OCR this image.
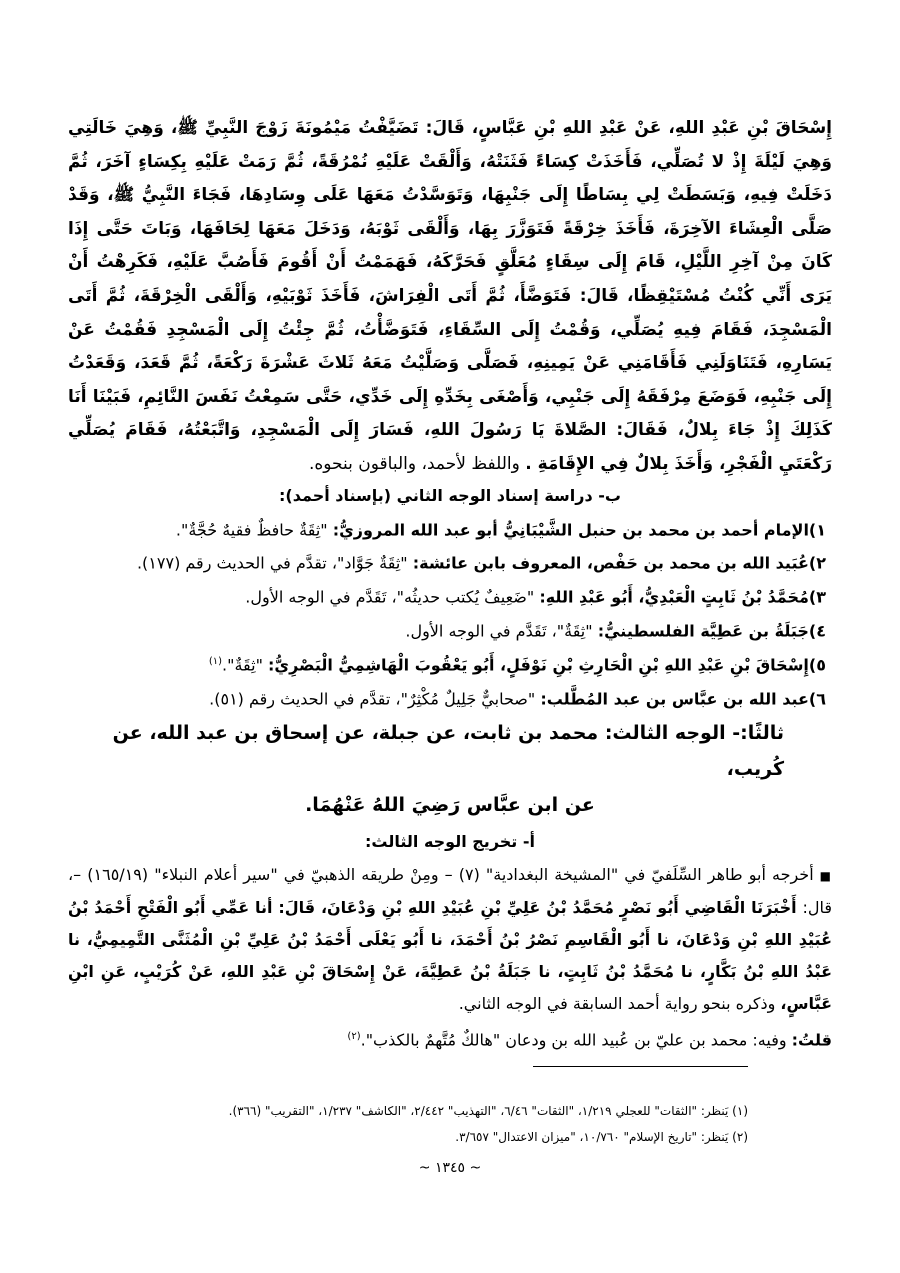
إِسْحَاقَ بْنِ عَبْدِ اللهِ، عَنْ عَبْدِ اللهِ بْنِ عَبَّاسٍ، قَالَ: تَضَيَّفْتُ مَيْمُونَةَ زَوْجَ النَّبِيِّ ﷺ، وَهِيَ خَالَتِي وَهِيَ لَيْلَةَ إِذْ لا تُصَلِّي، فَأَخَذَتْ كِسَاءً فَثَنَتْهُ، وَأَلْقَتْ عَلَيْهِ نُمْرُقَةً، ثُمَّ رَمَتْ عَلَيْهِ بِكِسَاءٍ آخَرَ، ثُمَّ دَخَلَتْ فِيهِ، وَبَسَطَتْ لِي بِسَاطًا إِلَى جَنْبِهَا، وَتَوَسَّدْتُ مَعَهَا عَلَى وِسَادِهَا، فَجَاءَ النَّبِيُّ ﷺ، وَقَدْ صَلَّى الْعِشَاءَ الآخِرَةَ، فَأَخَذَ خِرْقَةً فَتَوَزَّرَ بِهَا، وَأَلْقَى ثَوْبَهُ، وَدَخَلَ مَعَهَا لِحَافَهَا، وَبَاتَ حَتَّى إِذَا كَانَ مِنْ آخِرِ اللَّيْلِ، قَامَ إِلَى سِقَاءٍ مُعَلَّقٍ فَحَرَّكَهُ، فَهَمَمْتُ أَنْ أَقُومَ فَأَصُبَّ عَلَيْهِ، فَكَرِهْتُ أَنْ يَرَى أَنِّي كُنْتُ مُسْتَيْقِظًا، قَالَ: فَتَوَضَّأَ، ثُمَّ أَتَى الْفِرَاشَ، فَأَخَذَ ثَوْبَيْهِ، وَأَلْقَى الْخِرْقَةَ، ثُمَّ أَتَى الْمَسْجِدَ، فَقَامَ فِيهِ يُصَلِّي، وَقُمْتُ إِلَى السِّقَاءِ، فَتَوَضَّأْتُ، ثُمَّ جِئْتُ إِلَى الْمَسْجِدِ فَقُمْتُ عَنْ يَسَارِهِ، فَتَنَاوَلَنِي فَأَقَامَنِي عَنْ يَمِينِهِ، فَصَلَّى وَصَلَّيْتُ مَعَهُ ثَلاثَ عَشْرَةَ رَكْعَةً، ثُمَّ قَعَدَ، وَقَعَدْتُ إِلَى جَنْبِهِ، فَوَضَعَ مِرْفَقَهُ إِلَى جَنْبِي، وَأَصْغَى بِخَدِّهِ إِلَى خَدِّي، حَتَّى سَمِعْتُ نَفَسَ النَّائِمِ، فَبَيْنَا أَنَا كَذَلِكَ إِذْ جَاءَ بِلالٌ، فَقَالَ: الصَّلاةَ يَا رَسُولَ اللهِ، فَسَارَ إِلَى الْمَسْجِدِ، وَاتَّبَعْتُهُ، فَقَامَ يُصَلِّي رَكْعَتَيِ الْفَجْرِ، وَأَخَذَ بِلالٌ فِي الإِقَامَةِ . واللفظ لأحمد، والباقون بنحوه.

ب- دراسة إسناد الوجه الثاني (بإسناد أحمد):

١)الإمام أحمد بن محمد بن حنبل الشَّيْبَانِيُّ أبو عبد الله المروزيُّ: "ثِقَةٌ حافظٌ فقيهٌ حُجَّةٌ".
٢)عُبَيد الله بن محمد بن حَفْص، المعروف بابن عائشة: "ثِقَةٌ جَوَّاد"، تقدَّم في الحديث رقم (١٧٧).
٣)مُحَمَّدُ بْنُ ثَابِتٍ الْعَبْدِيُّ، أَبُو عَبْدِ اللهِ: "ضَعِيفٌ يُكتب حديثُه"، تَقَدَّم في الوجه الأول.
٤)جَبَلَةُ بن عَطِيَّة الفلسطينيُّ: "ثِقَةٌ"، تَقَدَّم في الوجه الأول.
٥)إِسْحَاقَ بْنِ عَبْدِ اللهِ بْنِ الْحَارِثِ بْنِ نَوْفَلٍ، أَبُو يَعْقُوبَ الْهَاشِمِيُّ الْبَصْرِيُّ: "ثِقَةٌ".$^{(١)}$
٦)عبد الله بن عبَّاس بن عبد المُطَّلب: "صحابيٌّ جَلِيلٌ مُكْثِرٌ"، تقدَّم في الحديث رقم (٥١).

ثالثًا:- الوجه الثالث: محمد بن ثابت، عن جبلة، عن إسحاق بن عبد الله، عن كُريب،

عن ابن عبَّاس رَضِيَ اللهُ عَنْهُمَا.

أ- تخريج الوجه الثالث:

■أخرجه أبو طاهر السِّلَفيّ في "المشيخة البغدادية" (٧) – ومِنْ طريقه الذهبيّ في "سير أعلام النبلاء" (١٦٥/١٩) –، قال: أَخْبَرَنَا الْقَاضِي أَبُو نَصْرٍ مُحَمَّدُ بْنُ عَلِيِّ بْنِ عُبَيْدِ اللهِ بْنِ وَدْعَانَ، قَالَ: أنا عَمِّي أَبُو الْفَتْحِ أَحْمَدُ بْنُ عُبَيْدِ اللهِ بْنِ وَدْعَانَ، نا أَبُو الْقَاسِمِ نَصْرُ بْنُ أَحْمَدَ، نا أَبُو يَعْلَى أَحْمَدُ بْنُ عَلِيِّ بْنِ الْمُثَنَّى التَّمِيمِيُّ، نا عَبْدُ اللهِ بْنُ بَكَّارٍ، نا مُحَمَّدُ بْنُ ثَابِتٍ، نا جَبَلَةُ بْنُ عَطِيَّةَ، عَنْ إِسْحَاقَ بْنِ عَبْدِ اللهِ، عَنْ كُرَيْبٍ، عَنِ ابْنِ عَبَّاسٍ، وذكره بنحو رواية أحمد السابقة في الوجه الثاني.

قلتُ: وفيه: محمد بن عليّ بن عُبيد الله بن ودعان "هالكٌ مُتَّهمٌ بالكذب".$^{(٢)}$

(١) يَنظر: "الثقات" للعجلي ١/٢١٩، "الثقات" ٦/٤٦، "التهذيب" ٢/٤٤٢، "الكاشف" ١/٢٣٧، "التقريب" (٣٦٦).

(٢) يَنظر: "تاريخ الإسلام" ١٠/٧٦٠، "ميزان الاعتدال" ٣/٦٥٧.

~ ١٣٤٥ ~
